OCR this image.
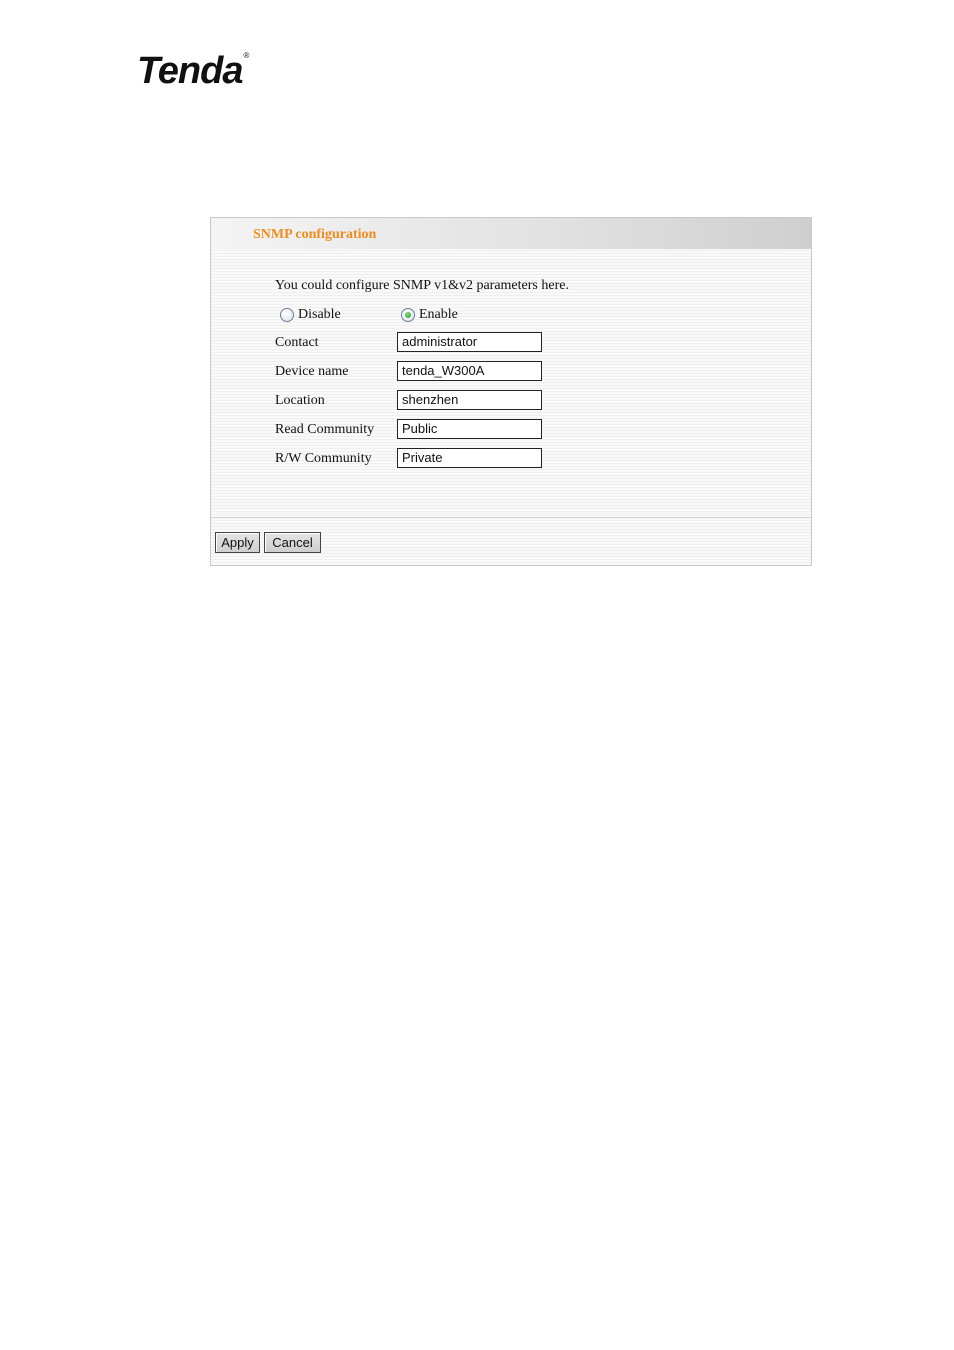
Tenda®
SNMP configuration
You could configure SNMP v1&v2 parameters here.
Disable	Enable
Contact	administrator
Device name	tenda_W300A
Location	shenzhen
Read Community	Public
R/W Community	Private
Apply	Cancel
